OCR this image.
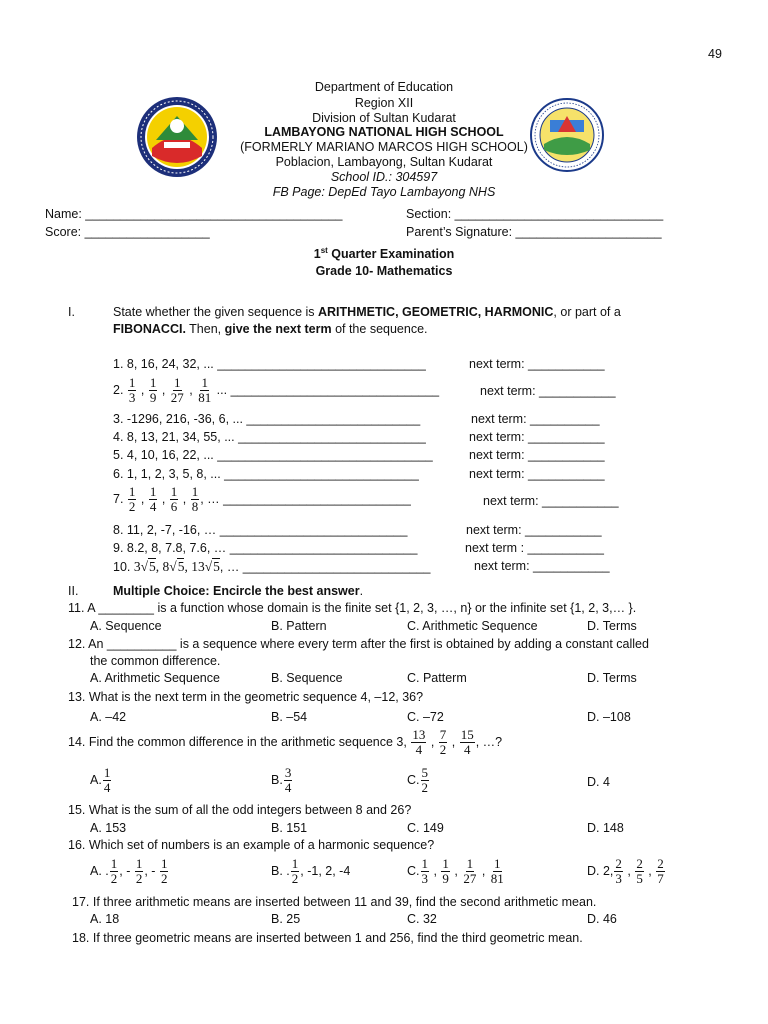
49
Department of Education
Region XII
Division of Sultan Kudarat
LAMBAYONG NATIONAL HIGH SCHOOL
(FORMERLY MARIANO MARCOS HIGH SCHOOL)
Poblacion, Lambayong, Sultan Kudarat
School ID.: 304597
FB Page: DepEd Tayo Lambayong NHS
Name: _____________________________________	Section: ______________________________
Score: __________________	Parent’s Signature: _____________________
1st Quarter Examination
Grade 10- Mathematics
I.	State whether the given sequence is ARITHMETIC, GEOMETRIC, HARMONIC, or part of a
FIBONACCI. Then, give the next term of the sequence.
1. 8, 16, 24, 32, ... ______________________________	next term: ___________
2. $\frac{1}{3}$ , $\frac{1}{9}$ , $\frac{1}{27}$ , $\frac{1}{81}$ ... ______________________________	next term: ___________
3. -1296, 216, -36, 6, ... _________________________	next term: __________
4. 8, 13, 21, 34, 55, ... ___________________________	next term: ___________
5. 4, 10, 16, 22, ... _______________________________	next term: ___________
6. 1, 1, 2, 3, 5, 8, ... ____________________________	next term: ___________
7. $\frac{1}{2}$ , $\frac{1}{4}$ , $\frac{1}{6}$ , $\frac{1}{8}$ , … ___________________________	next term: ___________
8. 11, 2, -7, -16, … ___________________________	next term: ___________
9. 8.2, 8, 7.8, 7.6, … ___________________________	next term : ___________
10. 3√5, 8√5, 13√5, … ___________________________	next term: ___________
II.	Multiple Choice: Encircle the best answer.
11. A ________ is a function whose domain is the finite set {1, 2, 3, …, n} or the infinite set {1, 2, 3,… }.
A. Sequence	B. Pattern	C. Arithmetic Sequence	D. Terms
12. An __________ is a sequence where every term after the first is obtained by adding a constant called
the common difference.
A. Arithmetic Sequence	B. Sequence	C. Patterm	D. Terms
13. What is the next term in the geometric sequence 4, –12, 36?
A. –42	B. –54	C. –72	D. –108
14. Find the common difference in the arithmetic sequence 3, $\frac{13}{4}$ , $\frac{7}{2}$ , $\frac{15}{4}$ , …?
A. $\frac{1}{4}$	B. $\frac{3}{4}$	C. $\frac{5}{2}$	D. 4
15. What is the sum of all the odd integers between 8 and 26?
A. 153	B. 151	C. 149	D. 148
16. Which set of numbers is an example of a harmonic sequence?
A. . $\frac{1}{2}$ , - $\frac{1}{2}$ , - $\frac{1}{2}$	B. . $\frac{1}{2}$ , -1, 2, -4	C. $\frac{1}{3}$ , $\frac{1}{9}$ , $\frac{1}{27}$ , $\frac{1}{81}$	D. 2, $\frac{2}{3}$ , $\frac{2}{5}$ , $\frac{2}{7}$
17. If three arithmetic means are inserted between 11 and 39, find the second arithmetic mean.
A. 18	B. 25	C. 32	D. 46
18. If three geometric means are inserted between 1 and 256, find the third geometric mean.
